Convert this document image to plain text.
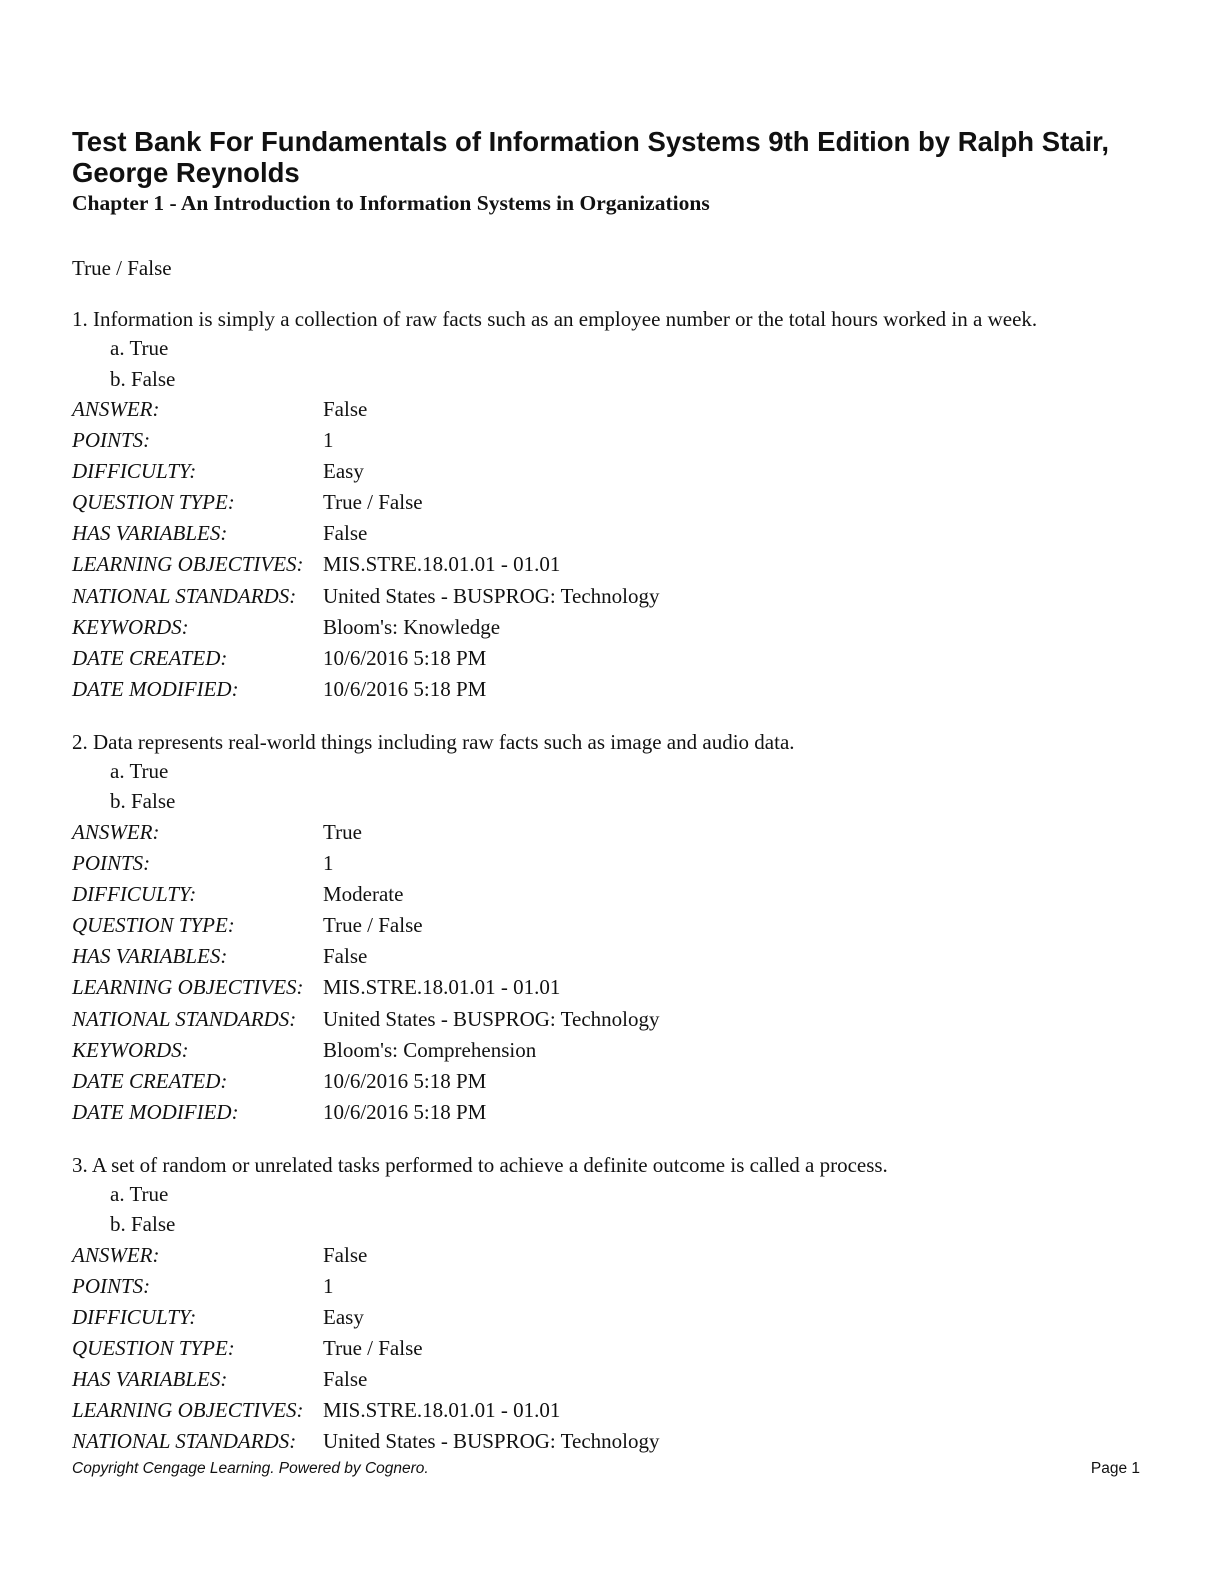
Test Bank For Fundamentals of Information Systems 9th Edition by Ralph Stair, George Reynolds
Chapter 1 - An Introduction to Information Systems in Organizations
True / False
1. Information is simply a collection of raw facts such as an employee number or the total hours worked in a week.
a. True
b. False
ANSWER:	False
POINTS:	1
DIFFICULTY:	Easy
QUESTION TYPE:	True / False
HAS VARIABLES:	False
LEARNING OBJECTIVES: MIS.STRE.18.01.01 - 01.01
NATIONAL STANDARDS:	United States - BUSPROG: Technology
KEYWORDS:	Bloom's: Knowledge
DATE CREATED:	10/6/2016 5:18 PM
DATE MODIFIED:	10/6/2016 5:18 PM
2. Data represents real-world things including raw facts such as image and audio data.
a. True
b. False
ANSWER:	True
POINTS:	1
DIFFICULTY:	Moderate
QUESTION TYPE:	True / False
HAS VARIABLES:	False
LEARNING OBJECTIVES: MIS.STRE.18.01.01 - 01.01
NATIONAL STANDARDS:	United States - BUSPROG: Technology
KEYWORDS:	Bloom's: Comprehension
DATE CREATED:	10/6/2016 5:18 PM
DATE MODIFIED:	10/6/2016 5:18 PM
3. A set of random or unrelated tasks performed to achieve a definite outcome is called a process.
a. True
b. False
ANSWER:	False
POINTS:	1
DIFFICULTY:	Easy
QUESTION TYPE:	True / False
HAS VARIABLES:	False
LEARNING OBJECTIVES: MIS.STRE.18.01.01 - 01.01
NATIONAL STANDARDS:	United States - BUSPROG: Technology
Copyright Cengage Learning. Powered by Cognero.	Page 1
